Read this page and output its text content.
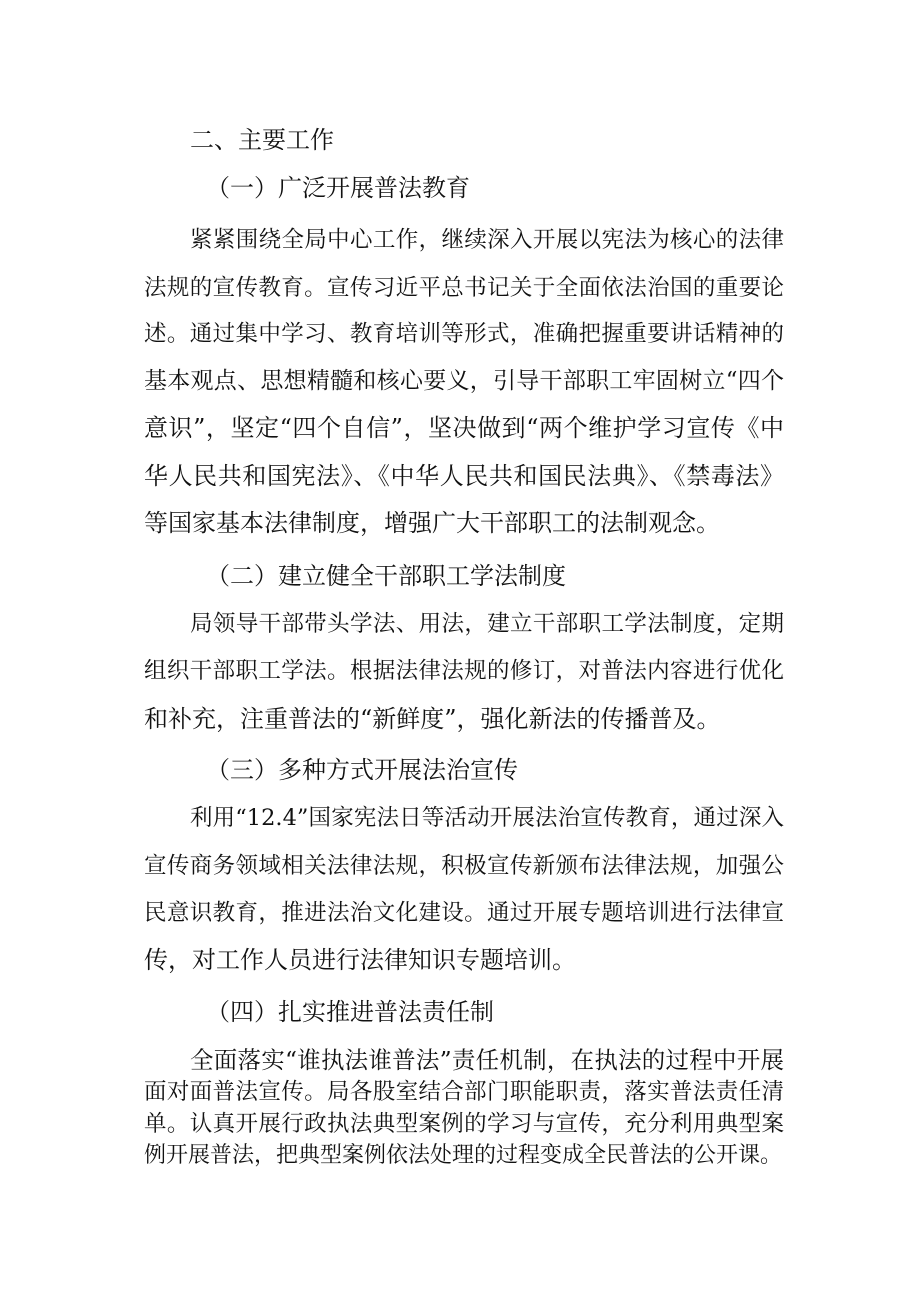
二、主要工作
（一）广泛开展普法教育
紧紧围绕全局中心工作，继续深入开展以宪法为核心的法律
法规的宣传教育。宣传习近平总书记关于全面依法治国的重要论
述。通过集中学习、教育培训等形式，准确把握重要讲话精神的
基本观点、思想精髓和核心要义，引导干部职工牢固树立“四个
意识”，坚定“四个自信”，坚决做到“两个维护学习宣传《中
华人民共和国宪法》、《中华人民共和国民法典》、《禁毒法》
等国家基本法律制度，增强广大干部职工的法制观念。
（二）建立健全干部职工学法制度
局领导干部带头学法、用法，建立干部职工学法制度，定期
组织干部职工学法。根据法律法规的修订，对普法内容进行优化
和补充，注重普法的“新鲜度”，强化新法的传播普及。
（三）多种方式开展法治宣传
利用“12.4”国家宪法日等活动开展法治宣传教育，通过深入
宣传商务领域相关法律法规，积极宣传新颁布法律法规，加强公
民意识教育，推进法治文化建设。通过开展专题培训进行法律宣
传，对工作人员进行法律知识专题培训。
（四）扎实推进普法责任制
全面落实“谁执法谁普法”责任机制，在执法的过程中开展
面对面普法宣传。局各股室结合部门职能职责，落实普法责任清
单。认真开展行政执法典型案例的学习与宣传，充分利用典型案
例开展普法，把典型案例依法处理的过程变成全民普法的公开课。
